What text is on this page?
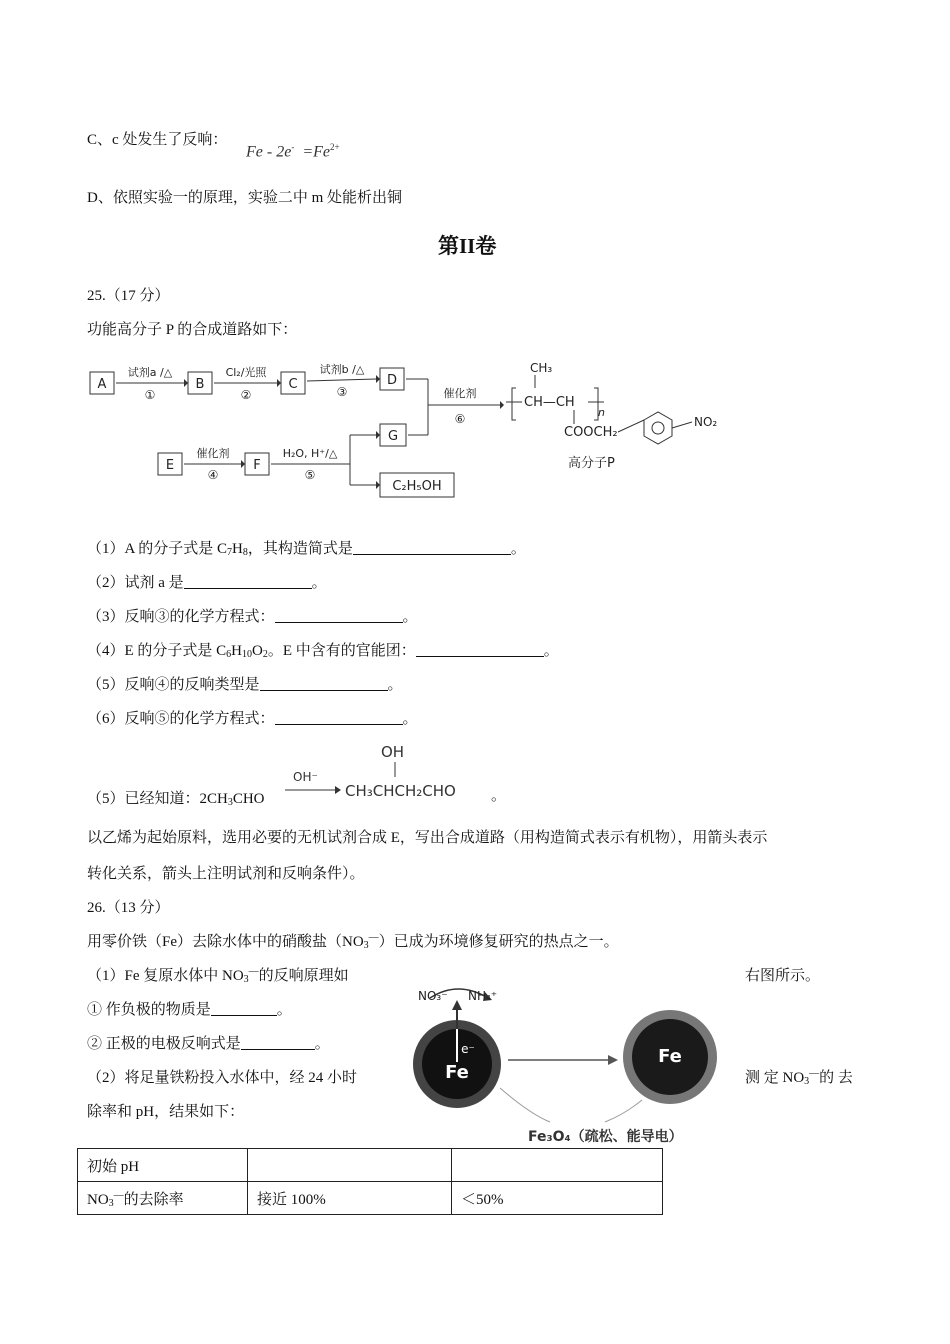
C、c 处发生了反响：
$Fe - 2e^- =Fe^{2+}$
D、依照实验一的原理，实验二中 m 处能析出铜
第II卷
25.（17 分）
功能高分子 P 的合成道路如下：
A	B	C	D
试剂a /△
①
Cl₂/光照
②
试剂b /△
③
E	F
G
C₂H₅OH
催化剂
④
H₂O, H⁺/△
⑤
催化剂
⑥
CH₃
CH—CH
n
COOCH₂
NO₂
高分子P
（1）A 的分子式是 $C_7H_8$，其构造简式是	。
（2）试剂 a 是	。
（3）反响③的化学方程式：	。
（4）E 的分子式是 $C_6H_{10}O_2$。E 中含有的官能团：	。
（5）反响④的反响类型是	。
（6）反响⑤的化学方程式：	。
（5）已经知道：$2CH_3CHO$
OH⁻
OH
CH₃CHCH₂CHO 。
以乙烯为起始原料，选用必要的无机试剂合成 E，写出合成道路（用构造简式表示有机物），用箭头表示
转化关系，箭头上注明试剂和反响条件）。
26.（13 分）
用零价铁（Fe）去除水体中的硝酸盐$(NO_3^—)$已成为环境修复研究的热点之一。
（1）Fe 复原水体中 $NO_3^—$的反响原理如	右图所示。
① 作负极的物质是	。
② 正极的电极反响式是	。
（2）将足量铁粉投入水体中，经 24 小时	测 定 $NO_3^—$的 去
除率和 pH，结果如下：
Fe
e⁻
NO₃⁻ NH₄⁺
Fe
Fe₃O₄（疏松、能导电）
初始 pH		
$NO_3^—$的去除率	接近 100%	＜50%
